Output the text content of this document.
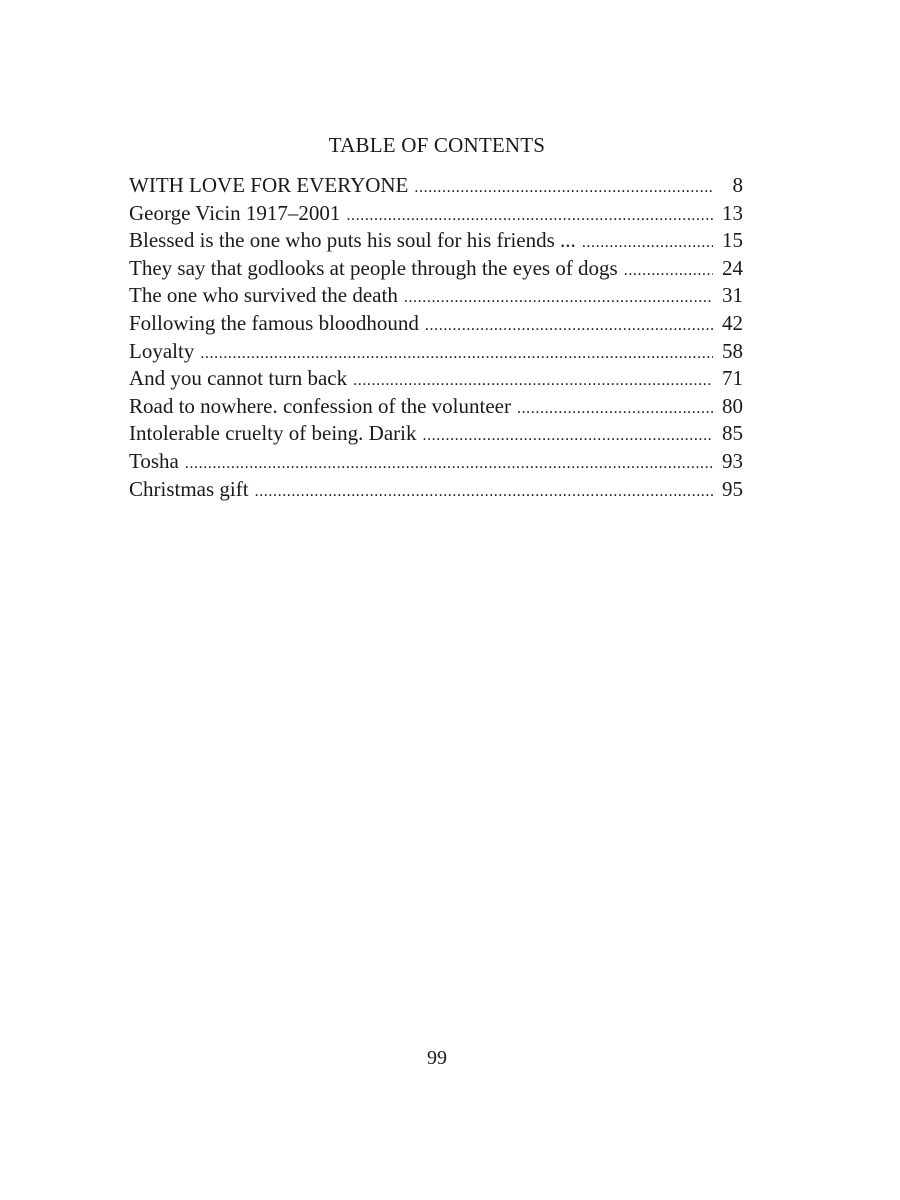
TABLE OF CONTENTS
WITH LOVE FOR EVERYONE .....	8
George Vicin 1917–2001 .....	13
Blessed is the one who puts his soul for his friends ... .....	15
They say that godlooks at people through the eyes of dogs .....	24
The one who survived the death .....	31
Following the famous bloodhound .....	42
Loyalty .....	58
And you cannot turn back .....	71
Road to nowhere. confession of the volunteer .....	80
Intolerable cruelty of being. Darik .....	85
Tosha .....	93
Christmas gift .....	95
99
